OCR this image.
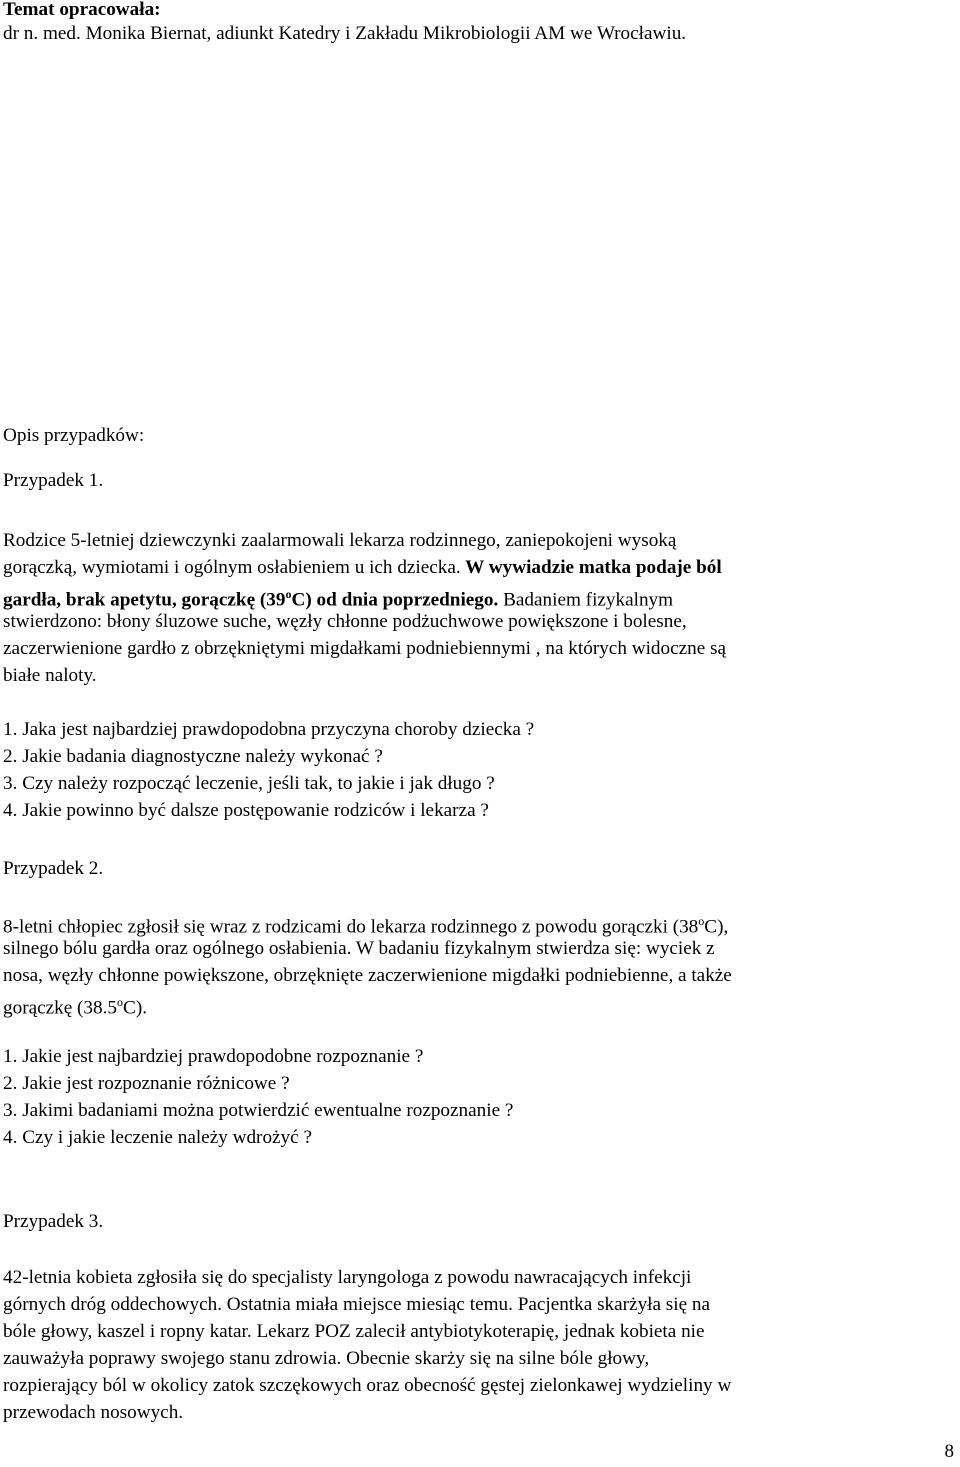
Temat opracowała:
dr n. med. Monika Biernat, adiunkt Katedry i Zakładu Mikrobiologii AM we Wrocławiu.
Opis przypadków:
Przypadek 1.
Rodzice 5-letniej dziewczynki zaalarmowali lekarza rodzinnego, zaniepokojeni wysoką
gorączką, wymiotami i ogólnym osłabieniem u ich dziecka. W wywiadzie matka podaje ból
gardła, brak apetytu, gorączkę (39$^o$C) od dnia poprzedniego. Badaniem fizykalnym
stwierdzono: błony śluzowe suche, węzły chłonne podżuchwowe powiększone i bolesne,
zaczerwienione gardło z obrzękniętymi migdałkami podniebiennymi , na których widoczne są
białe naloty.
1. Jaka jest najbardziej prawdopodobna przyczyna choroby dziecka ?
2. Jakie badania diagnostyczne należy wykonać ?
3. Czy należy rozpocząć leczenie, jeśli tak, to jakie i jak długo ?
4. Jakie powinno być dalsze postępowanie rodziców i lekarza ?
Przypadek 2.
8-letni chłopiec zgłosił się wraz z rodzicami do lekarza rodzinnego z powodu gorączki (38$^o$C),
silnego bólu gardła oraz ogólnego osłabienia. W badaniu fizykalnym stwierdza się: wyciek z
nosa, węzły chłonne powiększone, obrzęknięte zaczerwienione migdałki podniebienne, a także
gorączkę (38.5$^o$C).
1. Jakie jest najbardziej prawdopodobne rozpoznanie ?
2. Jakie jest rozpoznanie różnicowe ?
3. Jakimi badaniami można potwierdzić ewentualne rozpoznanie ?
4. Czy i jakie leczenie należy wdrożyć ?
Przypadek 3.
42-letnia kobieta zgłosiła się do specjalisty laryngologa z powodu nawracających infekcji
górnych dróg oddechowych. Ostatnia miała miejsce miesiąc temu. Pacjentka skarżyła się na
bóle głowy, kaszel i ropny katar. Lekarz POZ zalecił antybiotykoterapię, jednak kobieta nie
zauważyła poprawy swojego stanu zdrowia. Obecnie skarży się na silne bóle głowy,
rozpierający ból w okolicy zatok szczękowych oraz obecność gęstej zielonkawej wydzieliny w
przewodach nosowych.
8
